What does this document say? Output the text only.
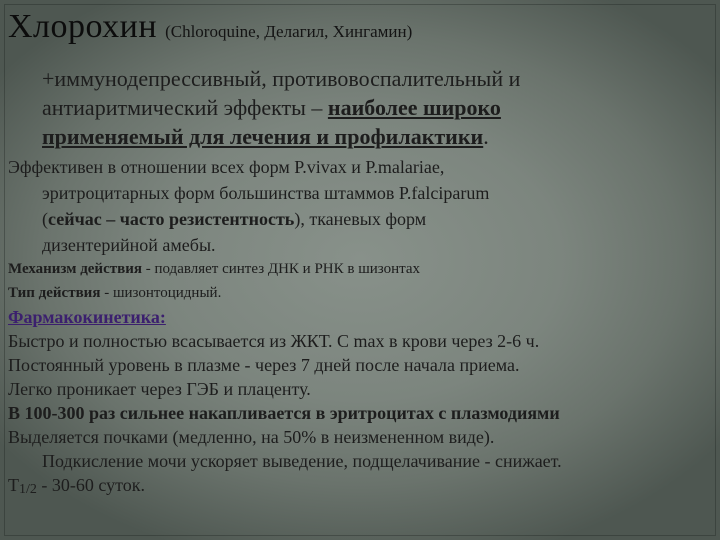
Хлорохин (Chloroquine, Делагил, Хингамин)
+иммунодепрессивный, противовоспалительный и
антиаритмический эффекты – наиболее широко
применяемый для лечения и профилактики.
Эффективен в отношении всех форм P.vivax и P.malariae,
эритроцитарных форм большинства штаммов P.falciparum
(сейчас – часто резистентность), тканевых форм
дизентерийной амебы.
Механизм действия - подавляет синтез ДНК и РНК в шизонтах
Тип действия - шизонтоцидный.
Фармакокинетика:
Быстро и полностью всасывается из ЖКТ. С max в крови через 2-6 ч.
Постоянный уровень в плазме - через 7 дней после начала приема.
Легко проникает через ГЭБ и плаценту.
В 100-300 раз сильнее накапливается в эритроцитах с плазмодиями
Выделяется почками (медленно, на 50% в неизмененном виде).
Подкисление мочи ускоряет выведение, подщелачивание - снижает.
Т1/2 - 30-60 суток.
